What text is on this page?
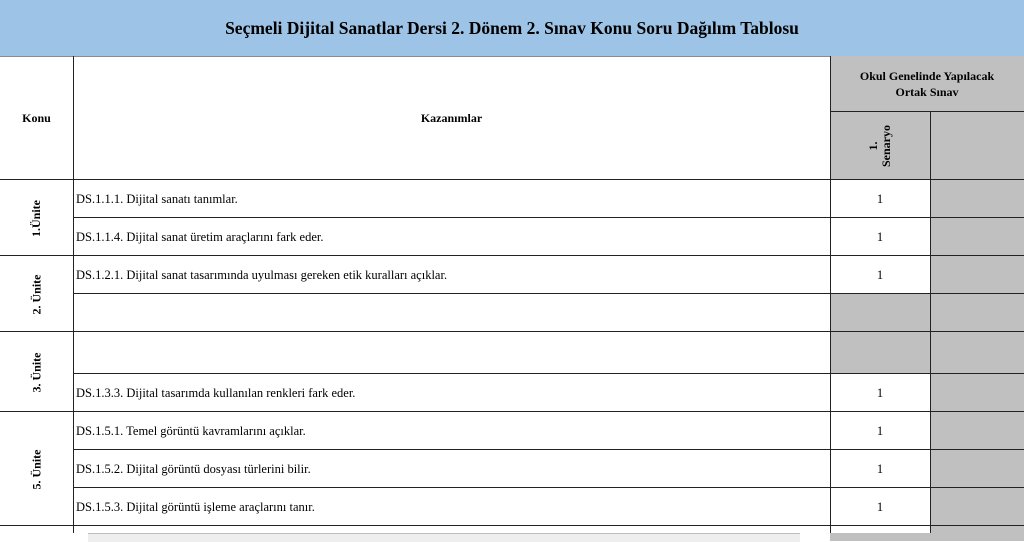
Seçmeli Dijital Sanatlar Dersi 2. Dönem 2. Sınav Konu Soru Dağılım Tablosu
Konu	Kazanımlar
Okul Genelinde Yapılacak
Ortak Sınav
1.
Senaryo
1.Ünite
2. Ünite
3. Ünite
5. Ünite
DS.1.1.1. Dijital sanatı tanımlar.
DS.1.1.4. Dijital sanat üretim araçlarını fark eder.
DS.1.2.1. Dijital sanat tasarımında uyulması gereken etik kuralları açıklar.
DS.1.3.3. Dijital tasarımda kullanılan renkleri fark eder.
DS.1.5.1. Temel görüntü kavramlarını açıklar.
DS.1.5.2. Dijital görüntü dosyası türlerini bilir.
DS.1.5.3. Dijital görüntü işleme araçlarını tanır.
1
1
1
1
1
1
1
